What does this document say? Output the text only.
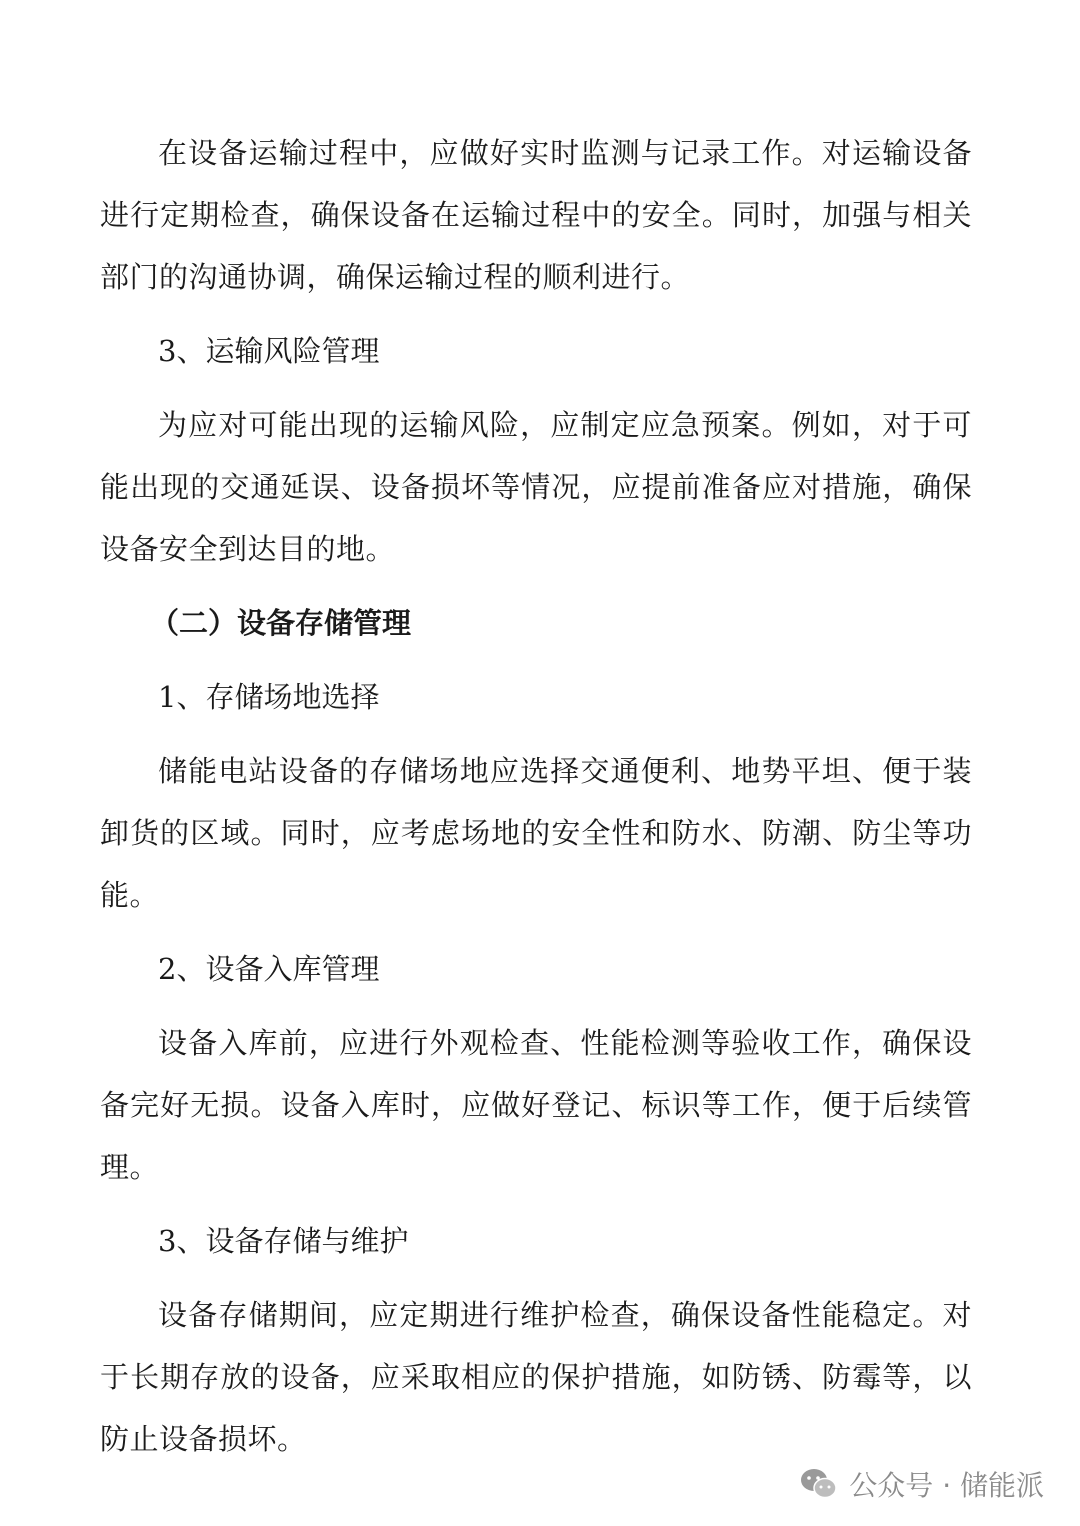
在设备运输过程中，应做好实时监测与记录工作。对运输设备进行定期检查，确保设备在运输过程中的安全。同时，加强与相关部门的沟通协调，确保运输过程的顺利进行。

3、运输风险管理

为应对可能出现的运输风险，应制定应急预案。例如，对于可能出现的交通延误、设备损坏等情况，应提前准备应对措施，确保设备安全到达目的地。

（二）设备存储管理

1、存储场地选择

储能电站设备的存储场地应选择交通便利、地势平坦、便于装卸货的区域。同时，应考虑场地的安全性和防水、防潮、防尘等功能。

2、设备入库管理

设备入库前，应进行外观检查、性能检测等验收工作，确保设备完好无损。设备入库时，应做好登记、标识等工作，便于后续管理。

3、设备存储与维护

设备存储期间，应定期进行维护检查，确保设备性能稳定。对于长期存放的设备，应采取相应的保护措施，如防锈、防霉等，以防止设备损坏。

公众号 · 储能派
